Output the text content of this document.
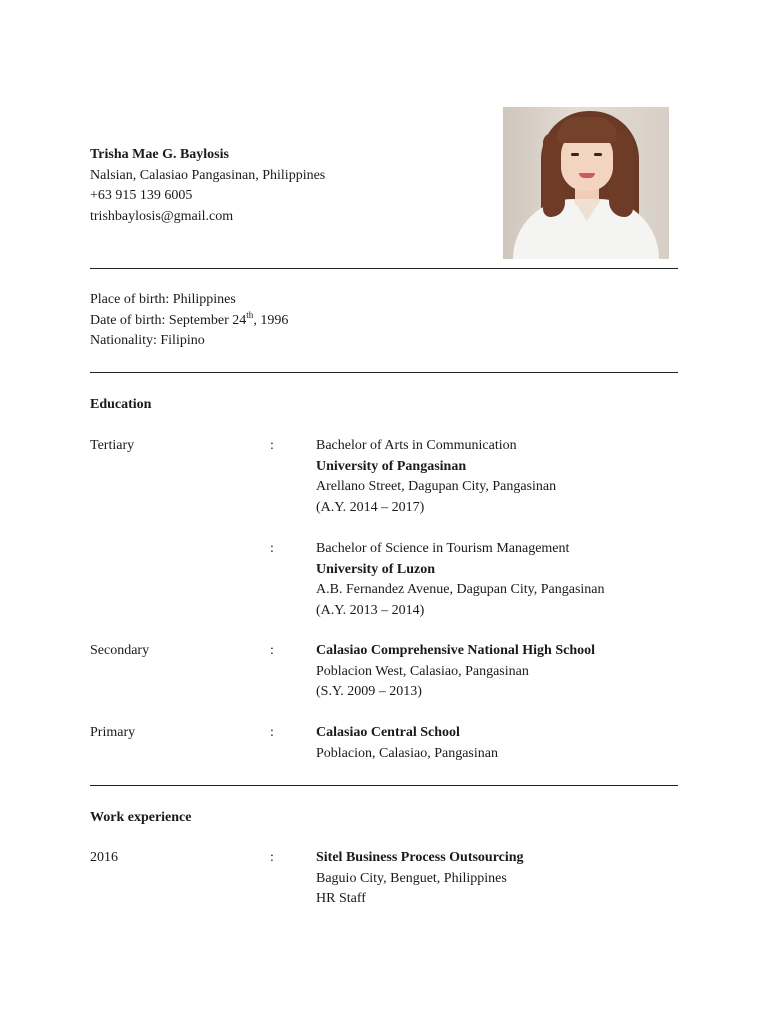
Trisha Mae G. Baylosis
Nalsian, Calasiao Pangasinan, Philippines
+63 915 139 6005
trishbaylosis@gmail.com
Place of birth: Philippines
Date of birth: September 24th, 1996
Nationality: Filipino
Education
Tertiary	:	Bachelor of Arts in Communication
University of Pangasinan
Arellano Street, Dagupan City, Pangasinan
(A.Y. 2014 – 2017)
:	Bachelor of Science in Tourism Management
University of Luzon
A.B. Fernandez Avenue, Dagupan City, Pangasinan
(A.Y. 2013 – 2014)
Secondary	:	Calasiao Comprehensive National High School
Poblacion West, Calasiao, Pangasinan
(S.Y. 2009 – 2013)
Primary	:	Calasiao Central School
Poblacion, Calasiao, Pangasinan
Work experience
2016	:	Sitel Business Process Outsourcing
Baguio City, Benguet, Philippines
HR Staff
